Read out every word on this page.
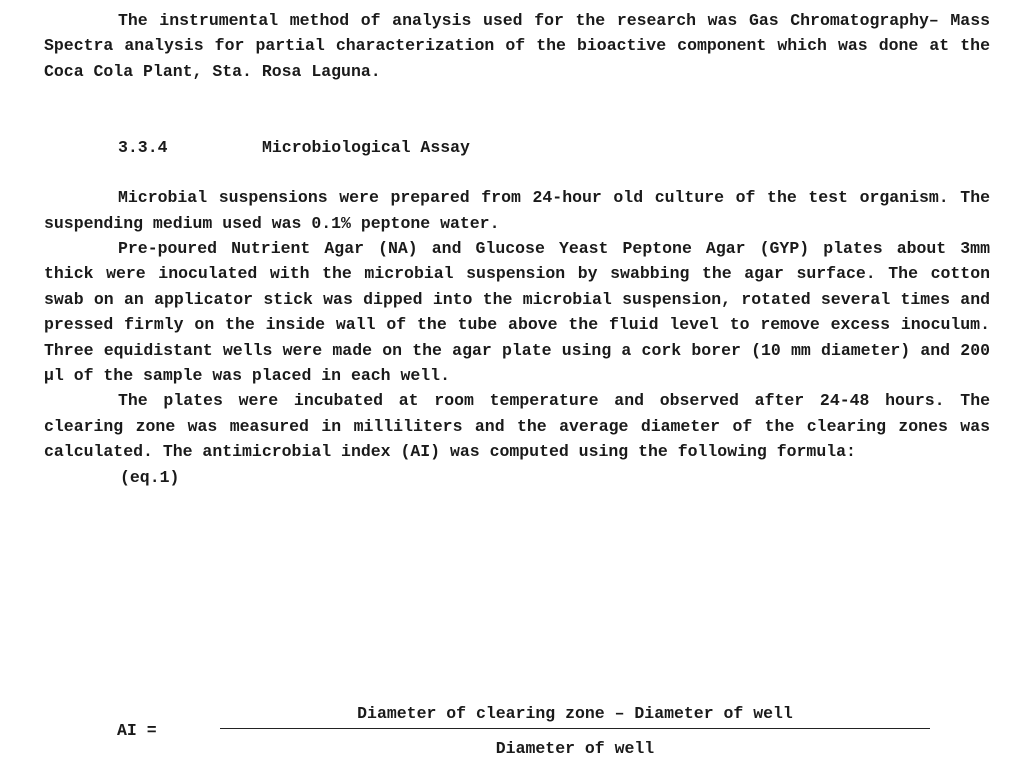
The instrumental method of analysis used for the research was Gas Chromatography– Mass Spectra analysis for partial characterization of the bioactive component which was done at the Coca Cola Plant, Sta. Rosa Laguna.

3.3.4	Microbiological Assay

Microbial suspensions were prepared from 24-hour old culture of the test organism. The suspending medium used was 0.1% peptone water.

Pre-poured Nutrient Agar (NA) and Glucose Yeast Peptone Agar (GYP) plates about 3mm thick were inoculated with the microbial suspension by swabbing the agar surface. The cotton swab on an applicator stick was dipped into the microbial suspension, rotated several times and pressed firmly on the inside wall of the tube above the fluid level to remove excess inoculum. Three equidistant wells were made on the agar plate using a cork borer (10 mm diameter) and 200 µl of the sample was placed in each well.

The plates were incubated at room temperature and observed after 24-48 hours. The clearing zone was measured in milliliters and the average diameter of the clearing zones was calculated. The antimicrobial index (AI) was computed using the following formula:

(eq.1)

AI =
Diameter of clearing zone – Diameter of well
Diameter of well
